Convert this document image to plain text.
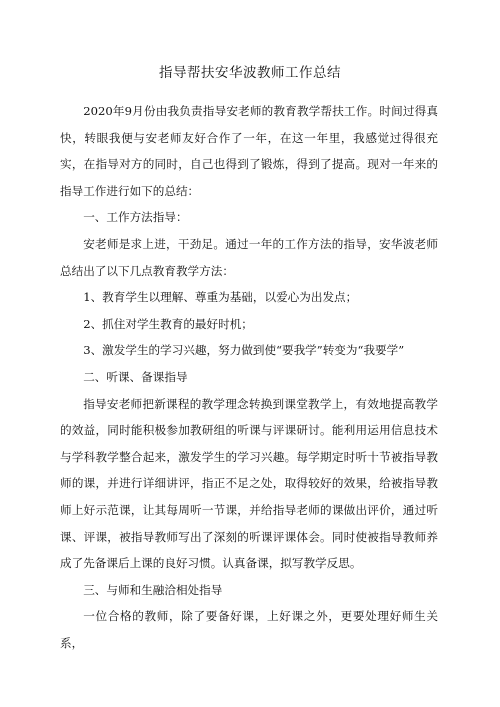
指导帮扶安华波教师工作总结

2020年9月份由我负责指导安老师的教育教学帮扶工作。时间过得真快，转眼我便与安老师友好合作了一年，在这一年里，我感觉过得很充实，在指导对方的同时，自己也得到了锻炼，得到了提高。现对一年来的指导工作进行如下的总结：

一、工作方法指导：

安老师是求上进，干劲足。通过一年的工作方法的指导，安华波老师总结出了以下几点教育教学方法：

1、教育学生以理解、尊重为基础，以爱心为出发点；

2、抓住对学生教育的最好时机；

3、激发学生的学习兴趣，努力做到使“要我学”转变为“我要学”

二、听课、备课指导

指导安老师把新课程的教学理念转换到课堂教学上，有效地提高教学的效益，同时能积极参加教研组的听课与评课研讨。能利用运用信息技术与学科教学整合起来，激发学生的学习兴趣。每学期定时听十节被指导教师的课，并进行详细讲评，指正不足之处，取得较好的效果，给被指导教师上好示范课，让其每周听一节课，并给指导老师的课做出评价，通过听课、评课，被指导教师写出了深刻的听课评课体会。同时使被指导教师养成了先备课后上课的良好习惯。认真备课，拟写教学反思。

三、与师和生融洽相处指导

一位合格的教师，除了要备好课，上好课之外，更要处理好师生关系，
